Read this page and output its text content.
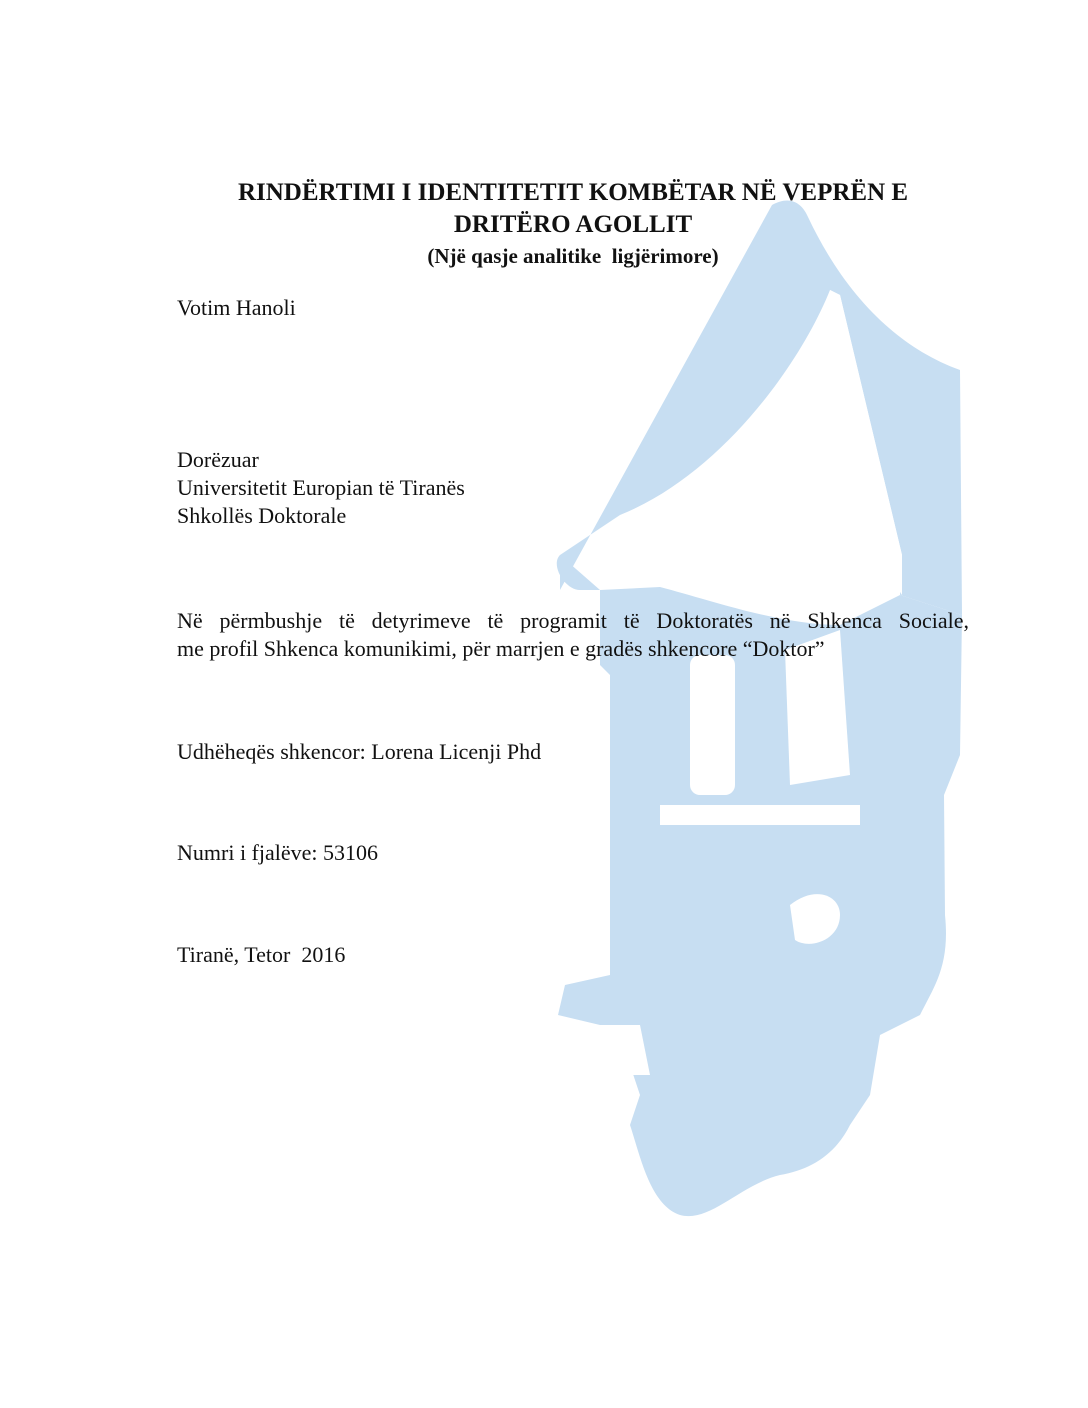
RINDËRTIMI I IDENTITETIT KOMBËTAR NË VEPRËN E
DRITËRO AGOLLIT

(Një qasje analitike  ligjërimore)

Votim Hanoli

Dorëzuar

Universitetit Europian të Tiranës

Shkollës Doktorale

Në përmbushje të detyrimeve të programit të Doktoratës në Shkenca Sociale,

me profil Shkenca komunikimi, për marrjen e gradës shkencore “Doktor”

Udhëheqës shkencor: Lorena Licenji Phd

Numri i fjalëve: 53106

Tiranë, Tetor  2016
